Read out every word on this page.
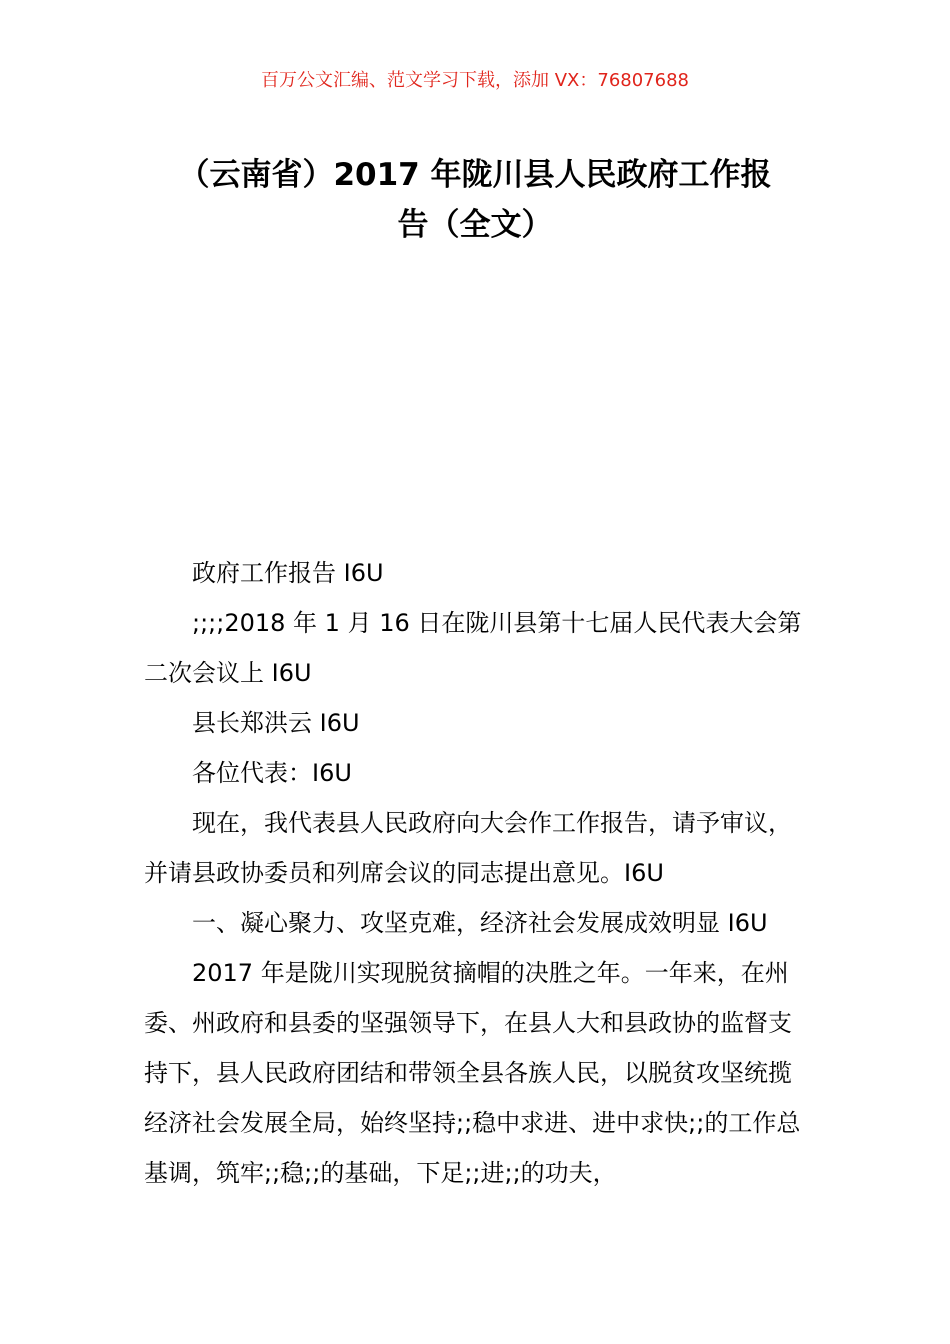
百万公文汇编、范文学习下载，添加 VX：76807688
（云南省）2017 年陇川县人民政府工作报
告（全文）

政府工作报告 I6U

;;;;2018 年 1 月 16 日在陇川县第十七届人民代表大会第二次会议上 I6U

县长郑洪云 I6U

各位代表：I6U

现在，我代表县人民政府向大会作工作报告，请予审议，并请县政协委员和列席会议的同志提出意见。I6U

一、凝心聚力、攻坚克难，经济社会发展成效明显 I6U

2017 年是陇川实现脱贫摘帽的决胜之年。一年来，在州委、州政府和县委的坚强领导下，在县人大和县政协的监督支持下，县人民政府团结和带领全县各族人民，以脱贫攻坚统揽经济社会发展全局，始终坚持;;稳中求进、进中求快;;的工作总基调，筑牢;;稳;;的基础，下足;;进;;的功夫，
